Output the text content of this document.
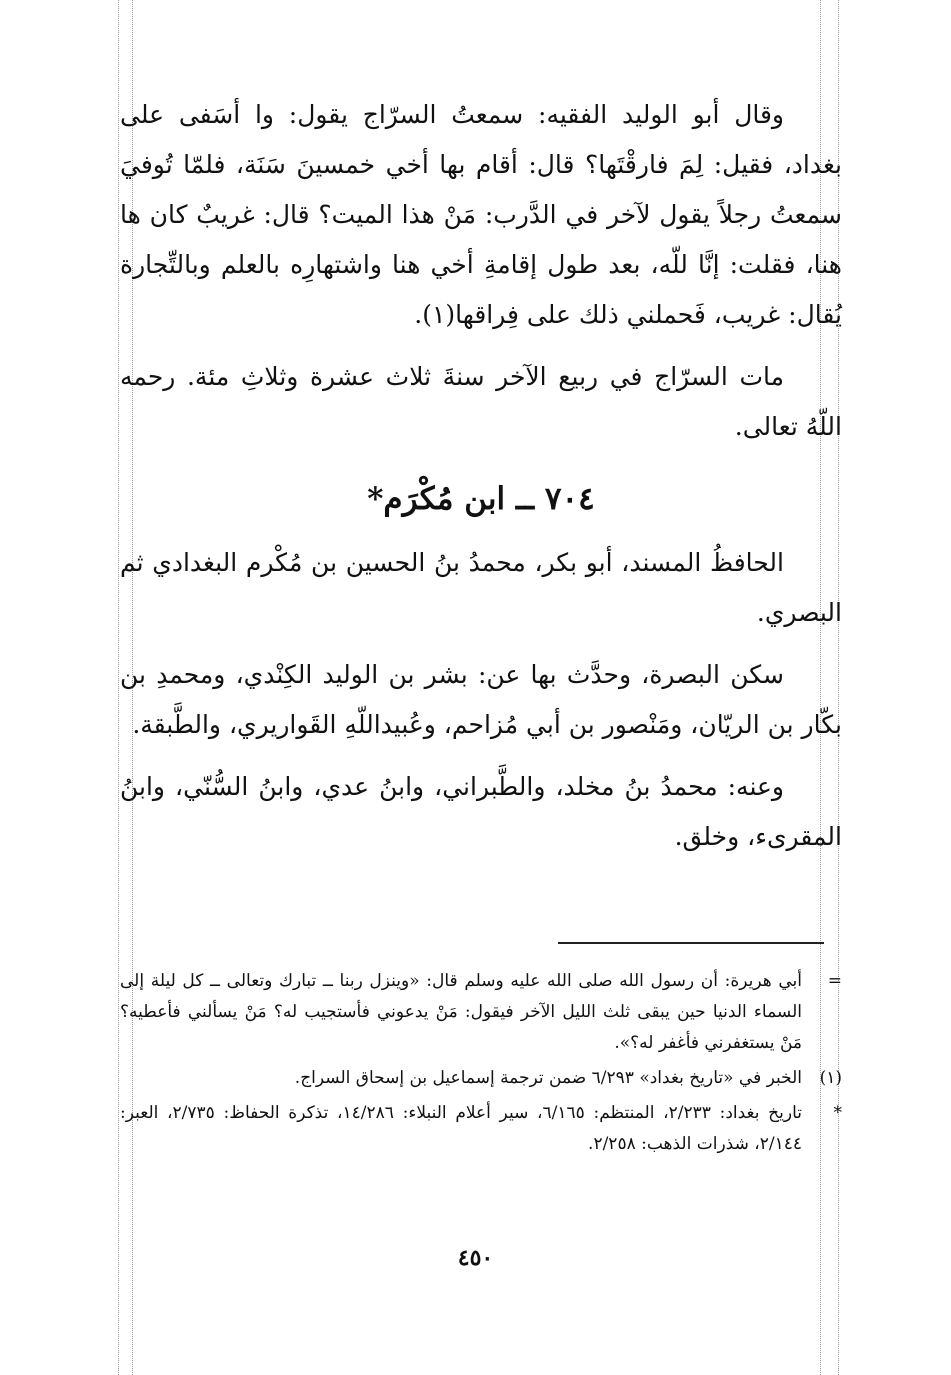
وقال أبو الوليد الفقيه: سمعتُ السرّاج يقول: وا أسَفى على بغداد، فقيل: لِمَ فارقْتَها؟ قال: أقام بها أخي خمسينَ سَنَة، فلمّا تُوفيَ سمعتُ رجلاً يقول لآخر في الدَّرب: مَنْ هذا الميت؟ قال: غريبٌ كان ها هنا، فقلت: إنَّا للّه، بعد طول إقامةِ أخي هنا واشتهارِه بالعلم وبالتِّجارة يُقال: غريب، فَحملني ذلك على فِراقها(١).

مات السرّاج في ربيع الآخر سنةَ ثلاث عشرة وثلاثِ مئة. رحمه اللّهُ تعالى.

٧٠٤ ــ ابن مُكْرَم*

الحافظُ المسند، أبو بكر، محمدُ بنُ الحسين بن مُكْرم البغدادي ثم البصري.

سكن البصرة، وحدَّث بها عن: بشر بن الوليد الكِنْدي، ومحمدِ بن بكّار بن الريّان، ومَنْصور بن أبي مُزاحم، وعُبيداللّهِ القَواريري، والطَّبقة.

وعنه: محمدُ بنُ مخلد، والطَّبراني، وابنُ عدي، وابنُ السُّنّي، وابنُ المقرىء، وخلق.

=
أبي هريرة: أن رسول الله صلى الله عليه وسلم قال: «وينزل ربنا ــ تبارك وتعالى ــ كل ليلة إلى السماء الدنيا حين يبقى ثلث الليل الآخر فيقول: مَنْ يدعوني فأستجيب له؟ مَنْ يسألني فأعطيه؟ مَنْ يستغفرني فأغفر له؟».
(١)
الخبر في «تاريخ بغداد» ٦/٢٩٣ ضمن ترجمة إسماعيل بن إسحاق السراج.
*
تاريخ بغداد: ٢/٢٣٣، المنتظم: ٦/١٦٥، سير أعلام النبلاء: ١٤/٢٨٦، تذكرة الحفاظ: ٢/٧٣٥، العبر: ٢/١٤٤، شذرات الذهب: ٢/٢٥٨.
٤٥٠
